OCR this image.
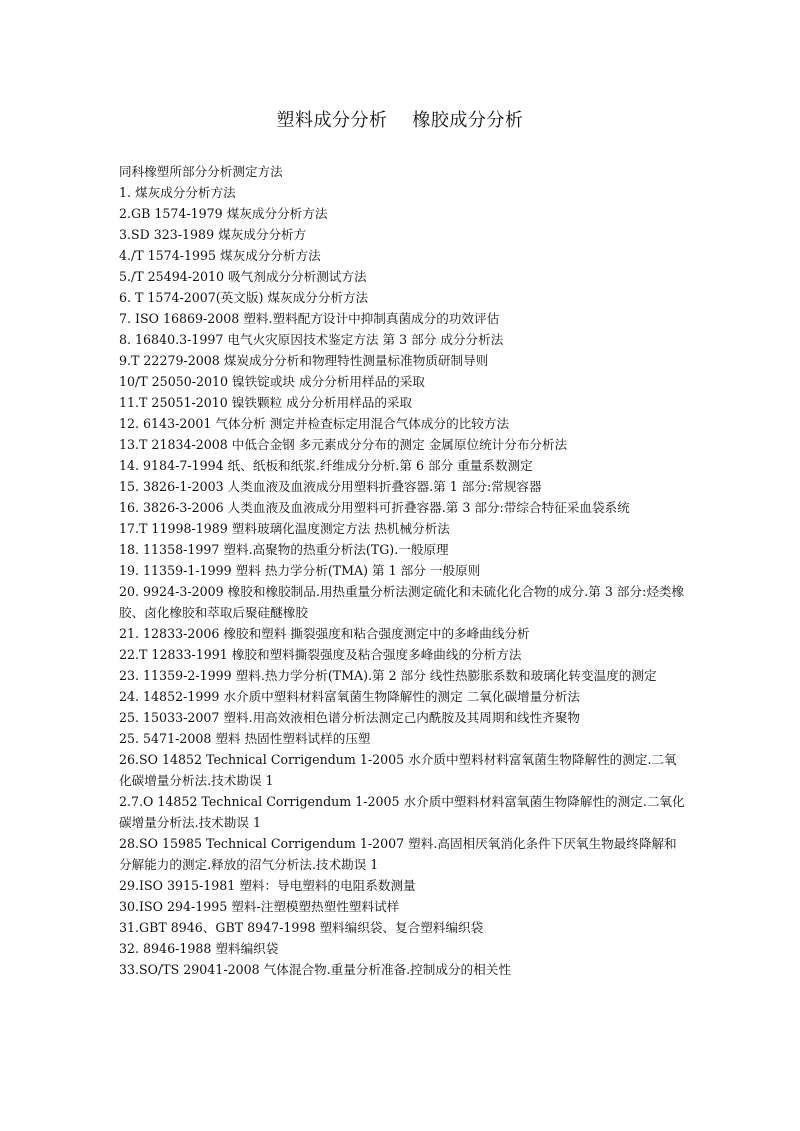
塑料成分分析    橡胶成分分析

同科橡塑所部分分析测定方法

1. 煤灰成分分析方法

2.GB 1574-1979 煤灰成分分析方法

3.SD 323-1989 煤灰成分分析方

4./T 1574-1995 煤灰成分分析方法

5./T 25494-2010 吸气剂成分分析测试方法

6. T 1574-2007(英文版) 煤灰成分分析方法

7. ISO 16869-2008 塑料.塑料配方设计中抑制真菌成分的功效评估

8. 16840.3-1997 电气火灾原因技术鉴定方法 第 3 部分 成分分析法

9.T 22279-2008 煤炭成分分析和物理特性测量标准物质研制导则

10/T 25050-2010 镍铁锭或块 成分分析用样品的采取

11.T 25051-2010 镍铁颗粒 成分分析用样品的采取

12. 6143-2001 气体分析 测定并检查标定用混合气体成分的比较方法

13.T 21834-2008 中低合金钢 多元素成分分布的测定 金属原位统计分布分析法

14. 9184-7-1994 纸、纸板和纸浆.纤维成分分析.第 6 部分 重量系数测定

15. 3826-1-2003 人类血液及血液成分用塑料折叠容器.第 1 部分:常规容器

16. 3826-3-2006 人类血液及血液成分用塑料可折叠容器.第 3 部分:带综合特征采血袋系统

17.T 11998-1989 塑料玻璃化温度测定方法 热机械分析法

18. 11358-1997 塑料.高聚物的热重分析法(TG).一般原理

19. 11359-1-1999 塑料 热力学分析(TMA) 第 1 部分 一般原则

20. 9924-3-2009 橡胶和橡胶制品.用热重量分析法测定硫化和未硫化化合物的成分.第 3 部分:烃类橡胶、卤化橡胶和萃取后聚硅醚橡胶

21. 12833-2006 橡胶和塑料 撕裂强度和粘合强度测定中的多峰曲线分析

22.T 12833-1991 橡胶和塑料撕裂强度及粘合强度多峰曲线的分析方法

23. 11359-2-1999 塑料.热力学分析(TMA).第 2 部分 线性热膨胀系数和玻璃化转变温度的测定

24. 14852-1999 水介质中塑料材料富氧菌生物降解性的测定 二氧化碳增量分析法

25. 15033-2007 塑料.用高效液相色谱分析法测定己内酰胺及其周期和线性齐聚物

25. 5471-2008 塑料 热固性塑料试样的压塑

26.SO 14852 Technical Corrigendum 1-2005 水介质中塑料材料富氧菌生物降解性的测定.二氧化碳增量分析法.技术勘误 1

2.7.O 14852 Technical Corrigendum 1-2005 水介质中塑料材料富氧菌生物降解性的测定.二氧化碳增量分析法.技术勘误 1

28.SO 15985 Technical Corrigendum 1-2007 塑料.高固相厌氧消化条件下厌氧生物最终降解和分解能力的测定.释放的沼气分析法.技术勘误 1

29.ISO 3915-1981 塑料：导电塑料的电阻系数测量

30.ISO 294-1995 塑料-注塑模塑热塑性塑料试样

31.GBT 8946、GBT 8947-1998 塑料编织袋、复合塑料编织袋

32. 8946-1988 塑料编织袋

33.SO/TS 29041-2008 气体混合物.重量分析准备.控制成分的相关性
